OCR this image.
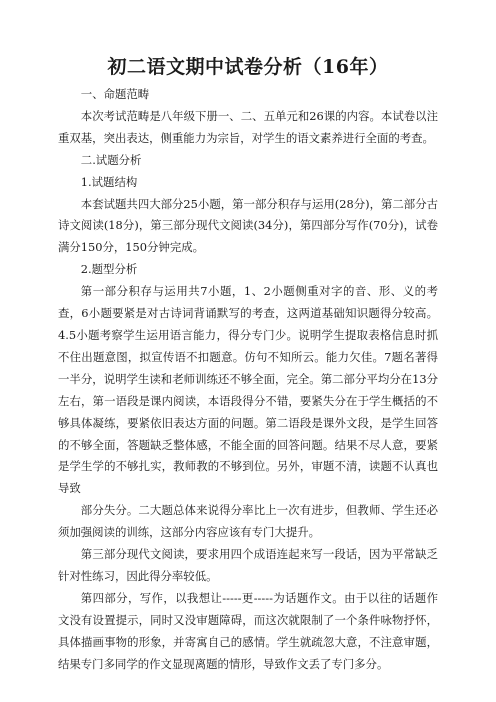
初二语文期中试卷分析（16年）

一、命题范畴

本次考试范畴是八年级下册一、二、五单元和26课的内容。本试卷以注重双基，突出表达，侧重能力为宗旨，对学生的语文素养进行全面的考查。

二.试题分析

1.试题结构

本套试题共四大部分25小题，第一部分积存与运用(28分)，第二部分古诗文阅读(18分)，第三部分现代文阅读(34分)，第四部分写作(70分)，试卷满分150分，150分钟完成。

2.题型分析

第一部分积存与运用共7小题，1、2小题侧重对字的音、形、义的考查，6小题要紧是对古诗词背诵默写的考查，这两道基础知识题得分较高。4.5小题考察学生运用语言能力，得分专门少。说明学生提取表格信息时抓不住出题意图，拟宣传语不扣题意。仿句不知所云。能力欠佳。7题名著得一半分，说明学生读和老师训练还不够全面，完全。第二部分平均分在13分左右，第一语段是课内阅读，本语段得分不错，要紧失分在于学生概括的不够具体凝练，要紧依旧表达方面的问题。第二语段是课外文段，是学生回答的不够全面，答题缺乏整体感，不能全面的回答问题。结果不尽人意，要紧是学生学的不够扎实，教师教的不够到位。另外，审题不清，读题不认真也导致

部分失分。二大题总体来说得分率比上一次有进步，但教师、学生还必须加强阅读的训练，这部分内容应该有专门大提升。

第三部分现代文阅读，要求用四个成语连起来写一段话，因为平常缺乏针对性练习，因此得分率较低。

第四部分，写作，以我想让-----更-----为话题作文。由于以往的话题作文没有设置提示，同时又没审题障碍，而这次就限制了一个条件咏物抒怀，具体描画事物的形象，并寄寓自己的感情。学生就疏忽大意，不注意审题，结果专门多同学的作文显现离题的情形，导致作文丢了专门多分。
